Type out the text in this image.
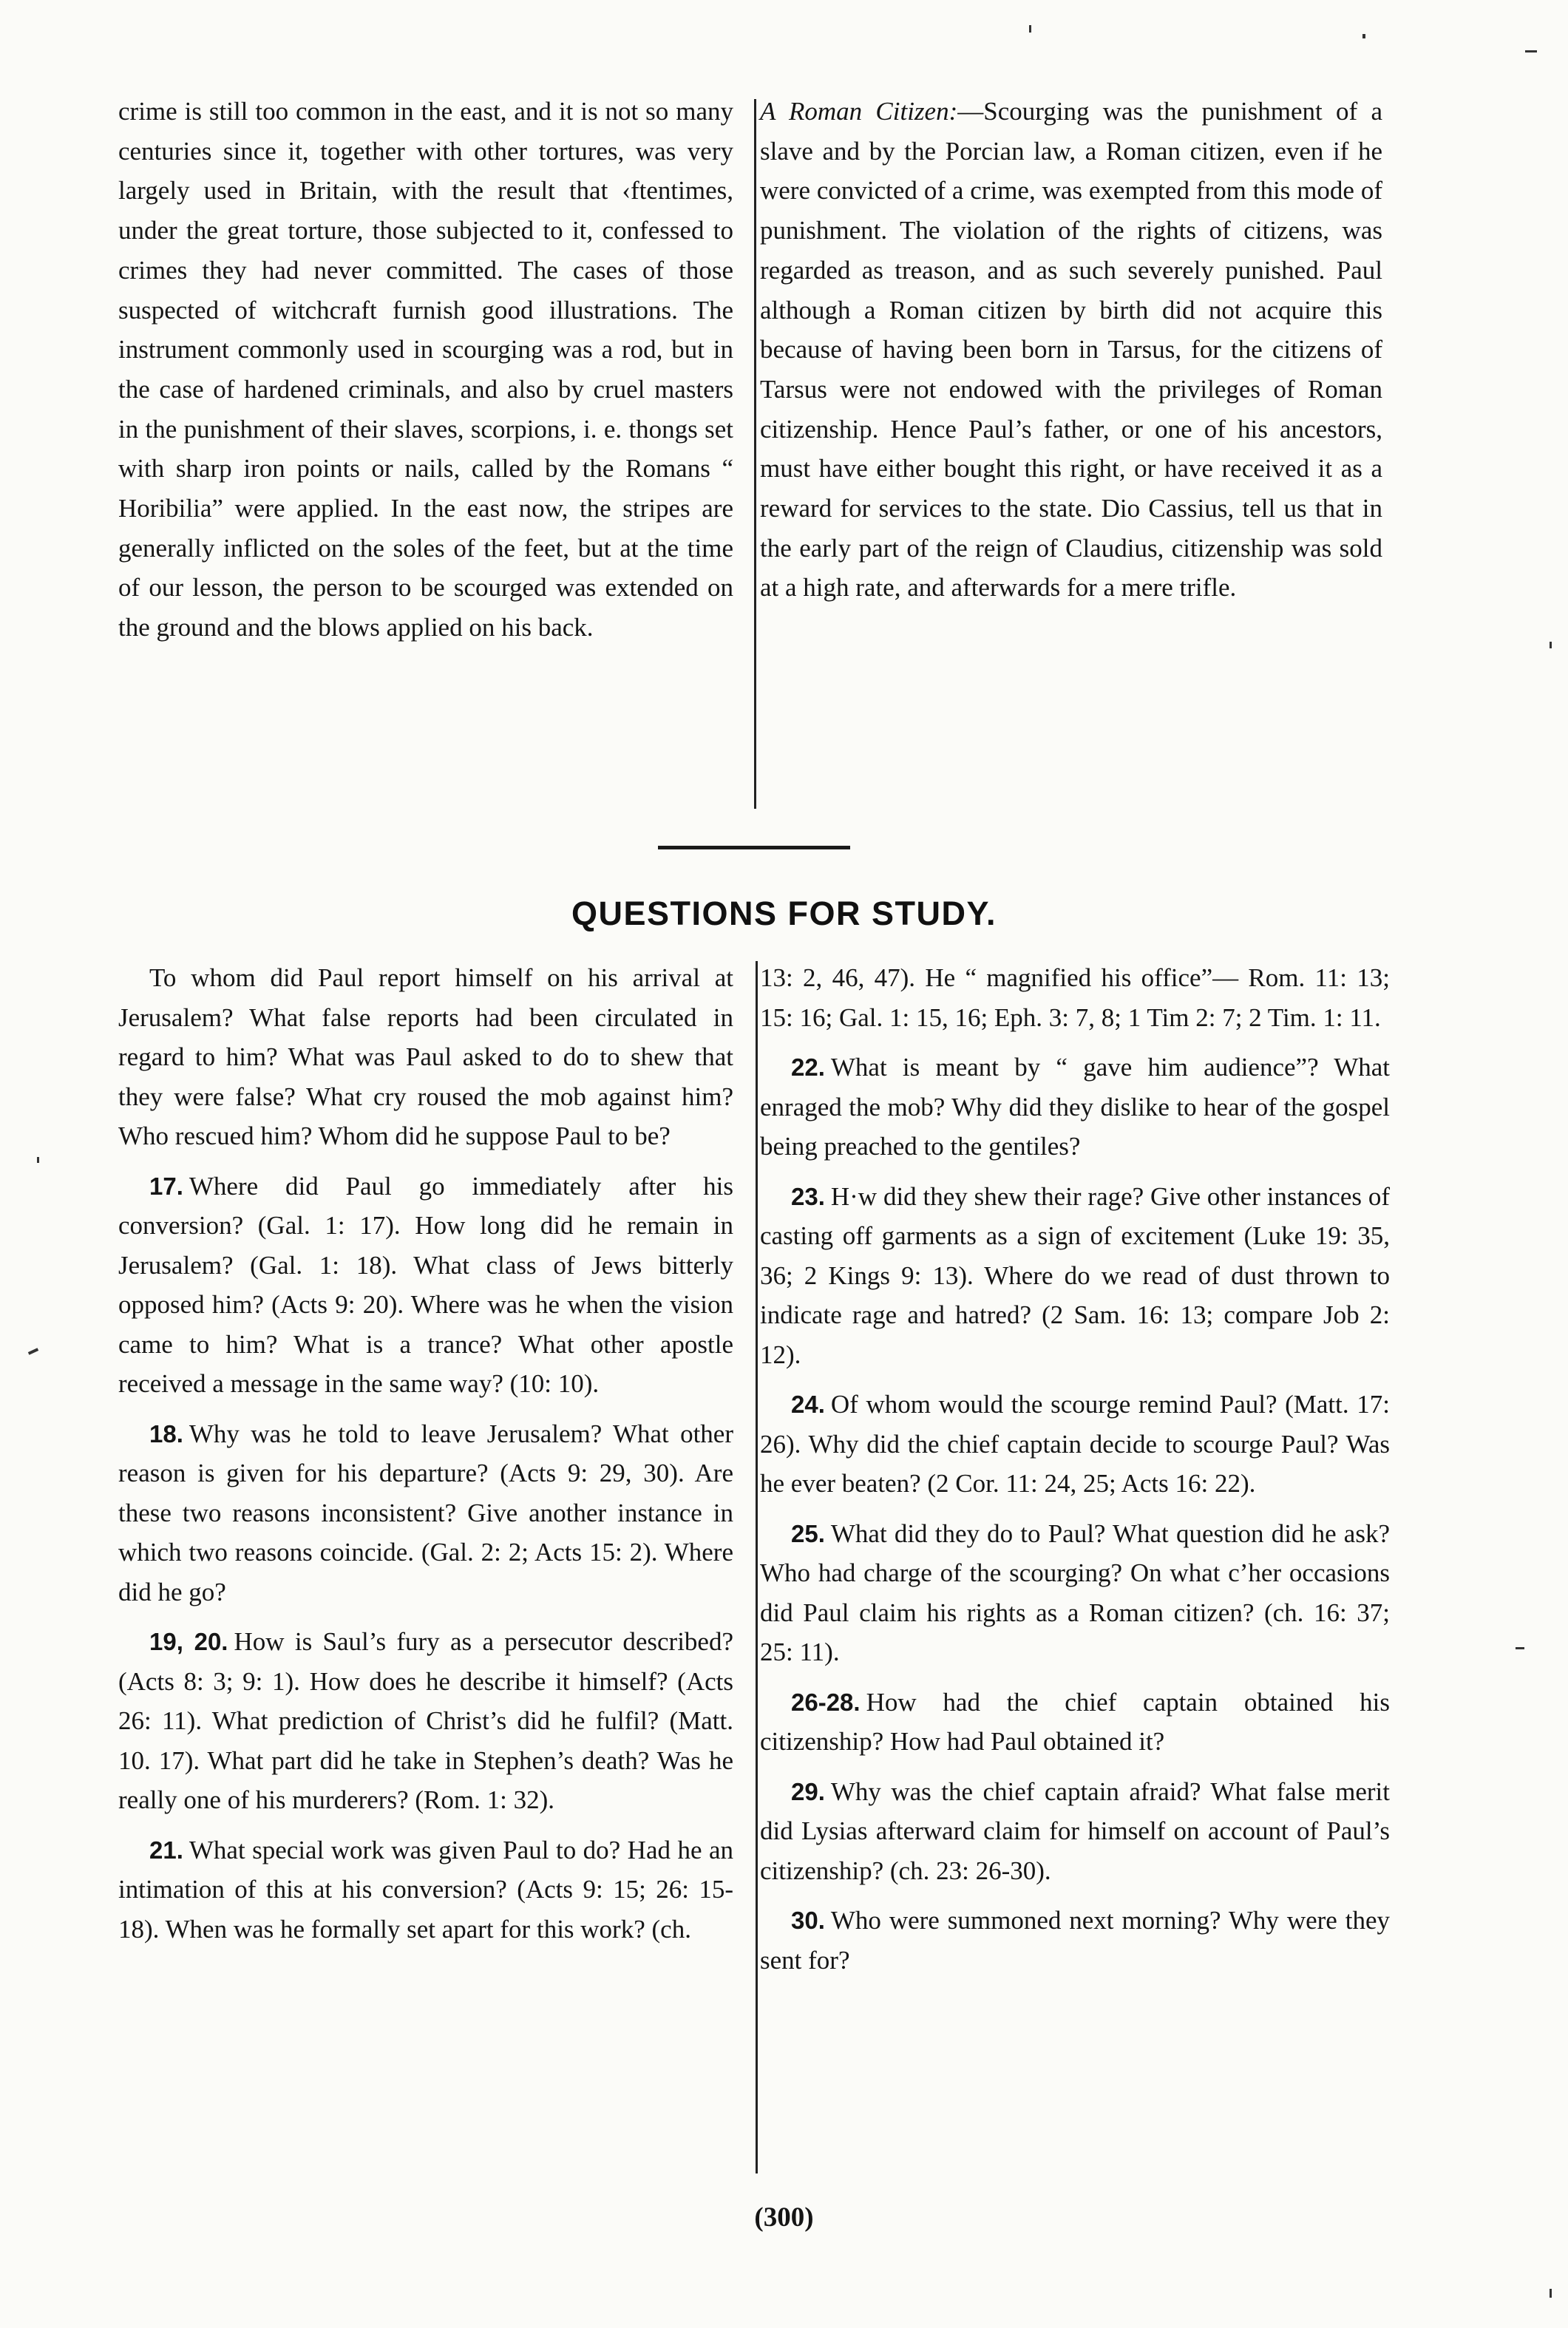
crime is still too common in the east, and it is not so many centuries since it, together with other tortures, was very largely used in Britain, with the result that ‹ftentimes, under the great torture, those subjected to it, confessed to crimes they had never committed. The cases of those suspected of witchcraft furnish good illustrations. The instrument commonly used in scourging was a rod, but in the case of hardened criminals, and also by cruel masters in the punishment of their slaves, scorpions, i. e. thongs set with sharp iron points or nails, called by the Romans “ Horibilia” were applied. In the east now, the stripes are generally inflicted on the soles of the feet, but at the time of our lesson, the person to be scourged was extended on the ground and the blows applied on his back.

A Roman Citizen:—Scourging was the punishment of a slave and by the Porcian law, a Roman citizen, even if he were convicted of a crime, was exempted from this mode of punishment. The violation of the rights of citizens, was regarded as treason, and as such severely punished. Paul although a Roman citizen by birth did not acquire this because of having been born in Tarsus, for the citizens of Tarsus were not endowed with the privileges of Roman citizenship. Hence Paul’s father, or one of his ancestors, must have either bought this right, or have received it as a reward for services to the state. Dio Cassius, tell us that in the early part of the reign of Claudius, citizenship was sold at a high rate, and afterwards for a mere trifle.

QUESTIONS FOR STUDY.

To whom did Paul report himself on his arrival at Jerusalem? What false reports had been circulated in regard to him? What was Paul asked to do to shew that they were false? What cry roused the mob against him? Who rescued him? Whom did he suppose Paul to be?

17. Where did Paul go immediately after his conversion? (Gal. 1: 17). How long did he remain in Jerusalem? (Gal. 1: 18). What class of Jews bitterly opposed him? (Acts 9: 20). Where was he when the vision came to him? What is a trance? What other apostle received a message in the same way? (10: 10).

18. Why was he told to leave Jerusalem? What other reason is given for his departure? (Acts 9: 29, 30). Are these two reasons inconsistent? Give another instance in which two reasons coincide. (Gal. 2: 2; Acts 15: 2). Where did he go?

19, 20. How is Saul’s fury as a persecutor described? (Acts 8: 3; 9: 1). How does he describe it himself? (Acts 26: 11). What prediction of Christ’s did he fulfil? (Matt. 10. 17). What part did he take in Stephen’s death? Was he really one of his murderers? (Rom. 1: 32).

21. What special work was given Paul to do? Had he an intimation of this at his conversion? (Acts 9: 15; 26: 15-18). When was he formally set apart for this work? (ch.

13: 2, 46, 47). He “ magnified his office”— Rom. 11: 13; 15: 16; Gal. 1: 15, 16; Eph. 3: 7, 8; 1 Tim 2: 7; 2 Tim. 1: 11.

22. What is meant by “ gave him audience”? What enraged the mob? Why did they dislike to hear of the gospel being preached to the gentiles?

23. H·w did they shew their rage? Give other instances of casting off garments as a sign of excitement (Luke 19: 35, 36; 2 Kings 9: 13). Where do we read of dust thrown to indicate rage and hatred? (2 Sam. 16: 13; compare Job 2: 12).

24. Of whom would the scourge remind Paul? (Matt. 17: 26). Why did the chief captain decide to scourge Paul? Was he ever beaten? (2 Cor. 11: 24, 25; Acts 16: 22).

25. What did they do to Paul? What question did he ask? Who had charge of the scourging? On what c’her occasions did Paul claim his rights as a Roman citizen? (ch. 16: 37; 25: 11).

26-28. How had the chief captain obtained his citizenship? How had Paul obtained it?

29. Why was the chief captain afraid? What false merit did Lysias afterward claim for himself on account of Paul’s citizenship? (ch. 23: 26-30).

30. Who were summoned next morning? Why were they sent for?

(300)
